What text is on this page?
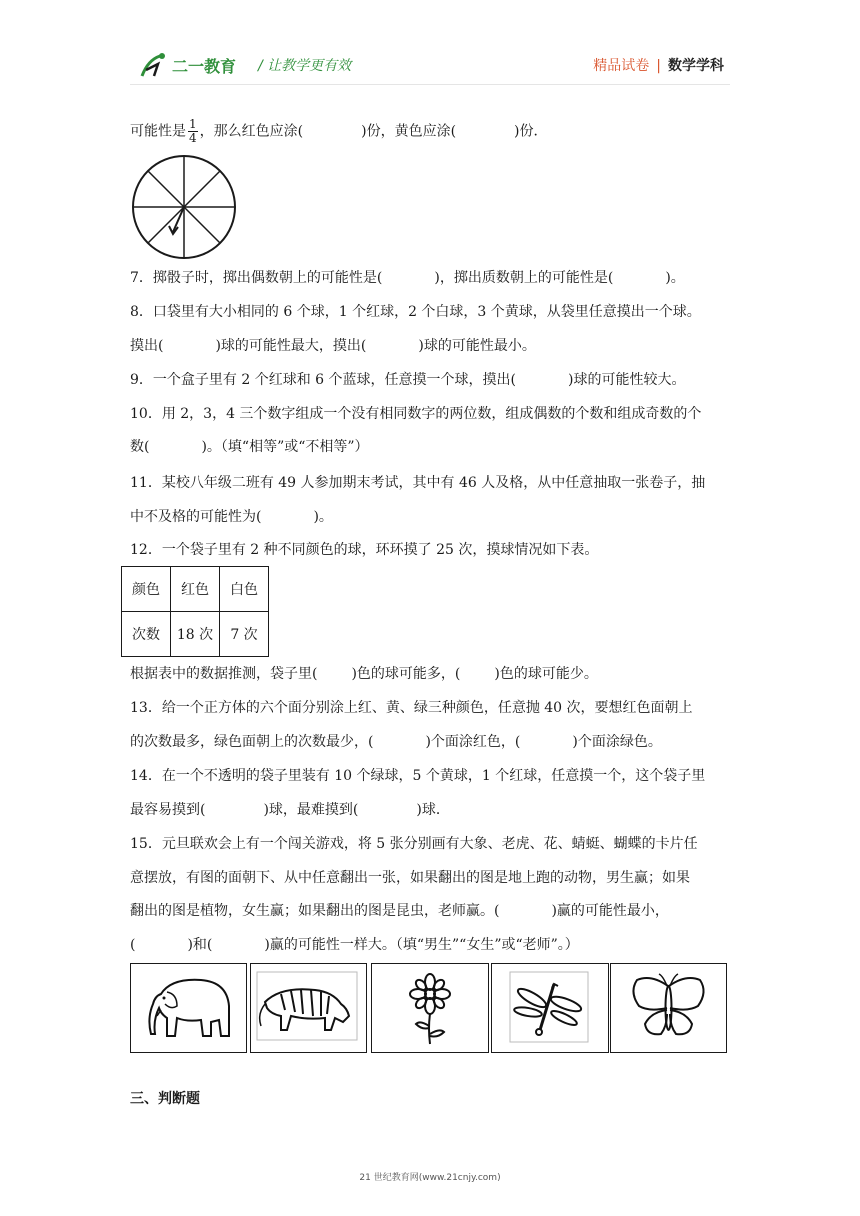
二一教育 / 让教学更有效	精品试卷 | 数学学科
可能性是 $\frac{1}{4}$ ，那么红色应涂(	)份，黄色应涂(	)份．
7．掷骰子时，掷出偶数朝上的可能性是(	)，掷出质数朝上的可能性是(	)。
8．口袋里有大小相同的 6 个球，1 个红球，2 个白球，3 个黄球，从袋里任意摸出一个球。
摸出(	)球的可能性最大，摸出(	)球的可能性最小。
9．一个盒子里有 2 个红球和 6 个蓝球，任意摸一个球，摸出(	)球的可能性较大。
10．用 2，3，4 三个数字组成一个没有相同数字的两位数，组成偶数的个数和组成奇数的个
数(	)。（填“相等”或“不相等”）
11．某校八年级二班有 49 人参加期末考试，其中有 46 人及格，从中任意抽取一张卷子，抽
中不及格的可能性为(	)。
12．一个袋子里有 2 种不同颜色的球，环环摸了 25 次，摸球情况如下表。
颜色	红色	白色
次数	18 次	7 次
根据表中的数据推测，袋子里( )色的球可能多，( )色的球可能少。
13．给一个正方体的六个面分别涂上红、黄、绿三种颜色，任意抛 40 次，要想红色面朝上
的次数最多，绿色面朝上的次数最少，(	)个面涂红色，(	)个面涂绿色。
14．在一个不透明的袋子里装有 10 个绿球，5 个黄球，1 个红球，任意摸一个，这个袋子里
最容易摸到(	)球，最难摸到(	)球．
15．元旦联欢会上有一个闯关游戏，将 5 张分别画有大象、老虎、花、蜻蜓、蝴蝶的卡片任
意摆放，有图的面朝下、从中任意翻出一张，如果翻出的图是地上跑的动物，男生赢；如果
翻出的图是植物，女生赢；如果翻出的图是昆虫，老师赢。(	)赢的可能性最小，
(	)和(	)赢的可能性一样大。（填“男生”“女生”或“老师”。）
三、判断题
21 世纪教育网(www.21cnjy.com)
